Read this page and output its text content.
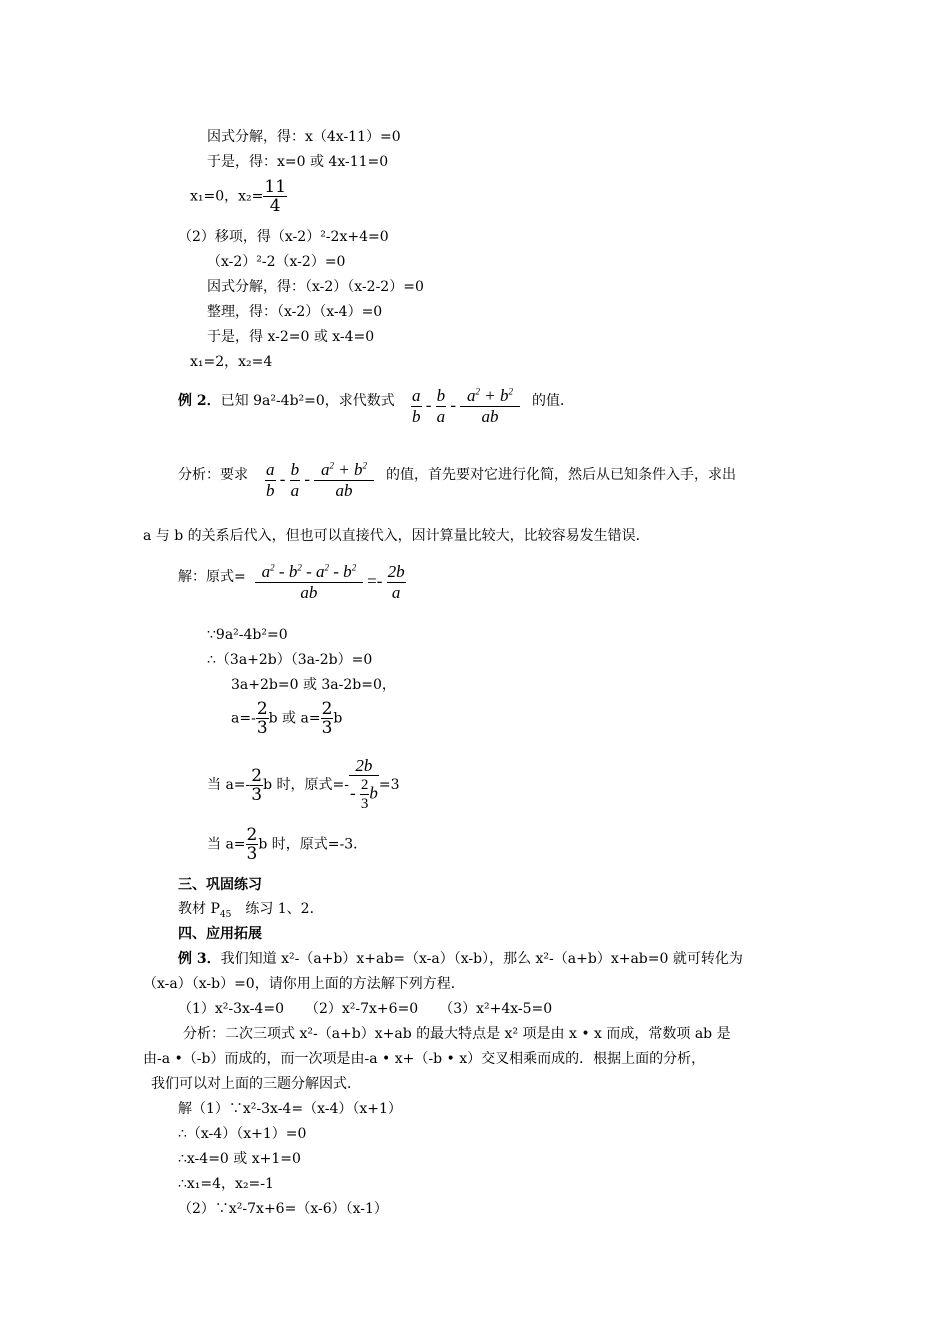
因式分解，得：x（4x-11）=0
于是，得：x=0 或 4x-11=0
x₁=0，$x_2= \frac{11}{4}$
（2）移项，得（x-2）²-2x+4=0
（x-2）²-2（x-2）=0
因式分解，得：（x-2）（x-2-2）=0
整理，得：（x-2）（x-4）=0
于是，得 x-2=0 或 x-4=0
x₁=2，x₂=4
例 2．已知 9a²-4b²=0，求代数式 $\frac{a}{b} - \frac{b}{a}$ -  $\frac{a^2 + b^2}{ab}$ 的值．
分析：要求 $\frac{a}{b} - \frac{b}{a}$ -  $\frac{a^2 + b^2}{ab}$ 的值，首先要对它进行化简，然后从已知条件入手，求出
a 与 b 的关系后代入，但也可以直接代入，因计算量比较大，比较容易发生错误．
解：原式=  $\frac{a^2 - b^2 - a^2 - b^2}{ab} =- \frac{2b}{a}$
∵9a²-4b²=0
∴（3a+2b）（3a-2b）=0
3a+2b=0 或 3a-2b=0，
$a=- \frac{2}{3}$ b 或 $a= \frac{2}{3}$ b
当 $a=- \frac{2}{3}$ b 时，原式=- $\frac{2b}{- \frac{2}{3} b} =3$
当 $a= \frac{2}{3}$ b 时，原式=-3．
三、巩固练习
教材 $P_{45}$　练习 1、2．
四、应用拓展
例 3．我们知道 x²-（a+b）x+ab=（x-a）（x-b），那么 x²-（a+b）x+ab=0 就可转化为
（x-a）（x-b）=0，请你用上面的方法解下列方程．
（1）x²-3x-4=0　　（2）x²-7x+6=0　　（3）x²+4x-5=0
分析：二次三项式 x²-（a+b）x+ab 的最大特点是 x² 项是由 x • x 而成，常数项 ab 是
由-a •（-b）而成的，而一次项是由-a • x+（-b • x）交叉相乘而成的．根据上面的分析，
我们可以对上面的三题分解因式．
解（1）∵x²-3x-4=（x-4）（x+1）
∴（x-4）（x+1）=0
∴x-4=0 或 x+1=0
∴x₁=4，x₂=-1
（2）∵x²-7x+6=（x-6）（x-1）
